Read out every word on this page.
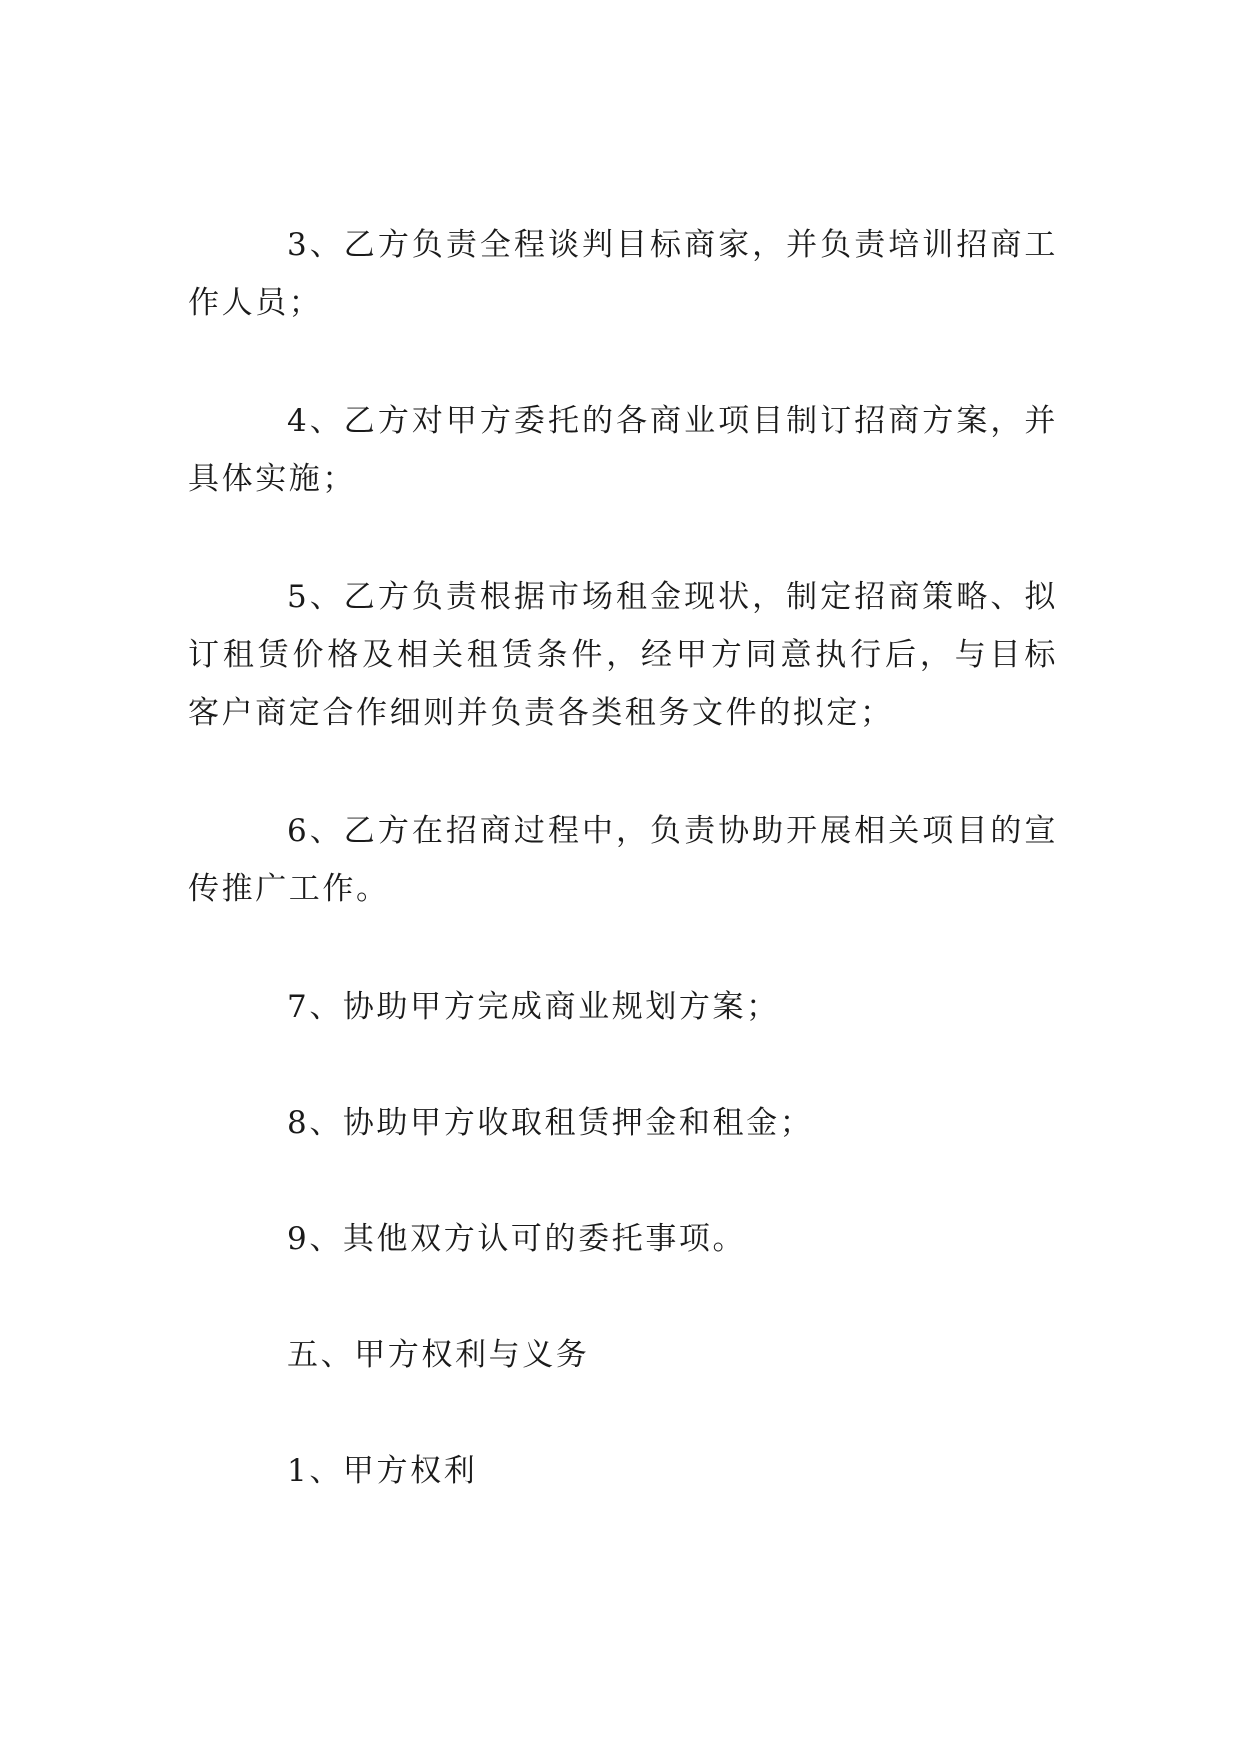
3、乙方负责全程谈判目标商家，并负责培训招商工作人员；

4、乙方对甲方委托的各商业项目制订招商方案，并具体实施；

5、乙方负责根据市场租金现状，制定招商策略、拟订租赁价格及相关租赁条件，经甲方同意执行后，与目标客户商定合作细则并负责各类租务文件的拟定；

6、乙方在招商过程中，负责协助开展相关项目的宣传推广工作。

7、协助甲方完成商业规划方案；

8、协助甲方收取租赁押金和租金；

9、其他双方认可的委托事项。

五、甲方权利与义务

1、甲方权利
